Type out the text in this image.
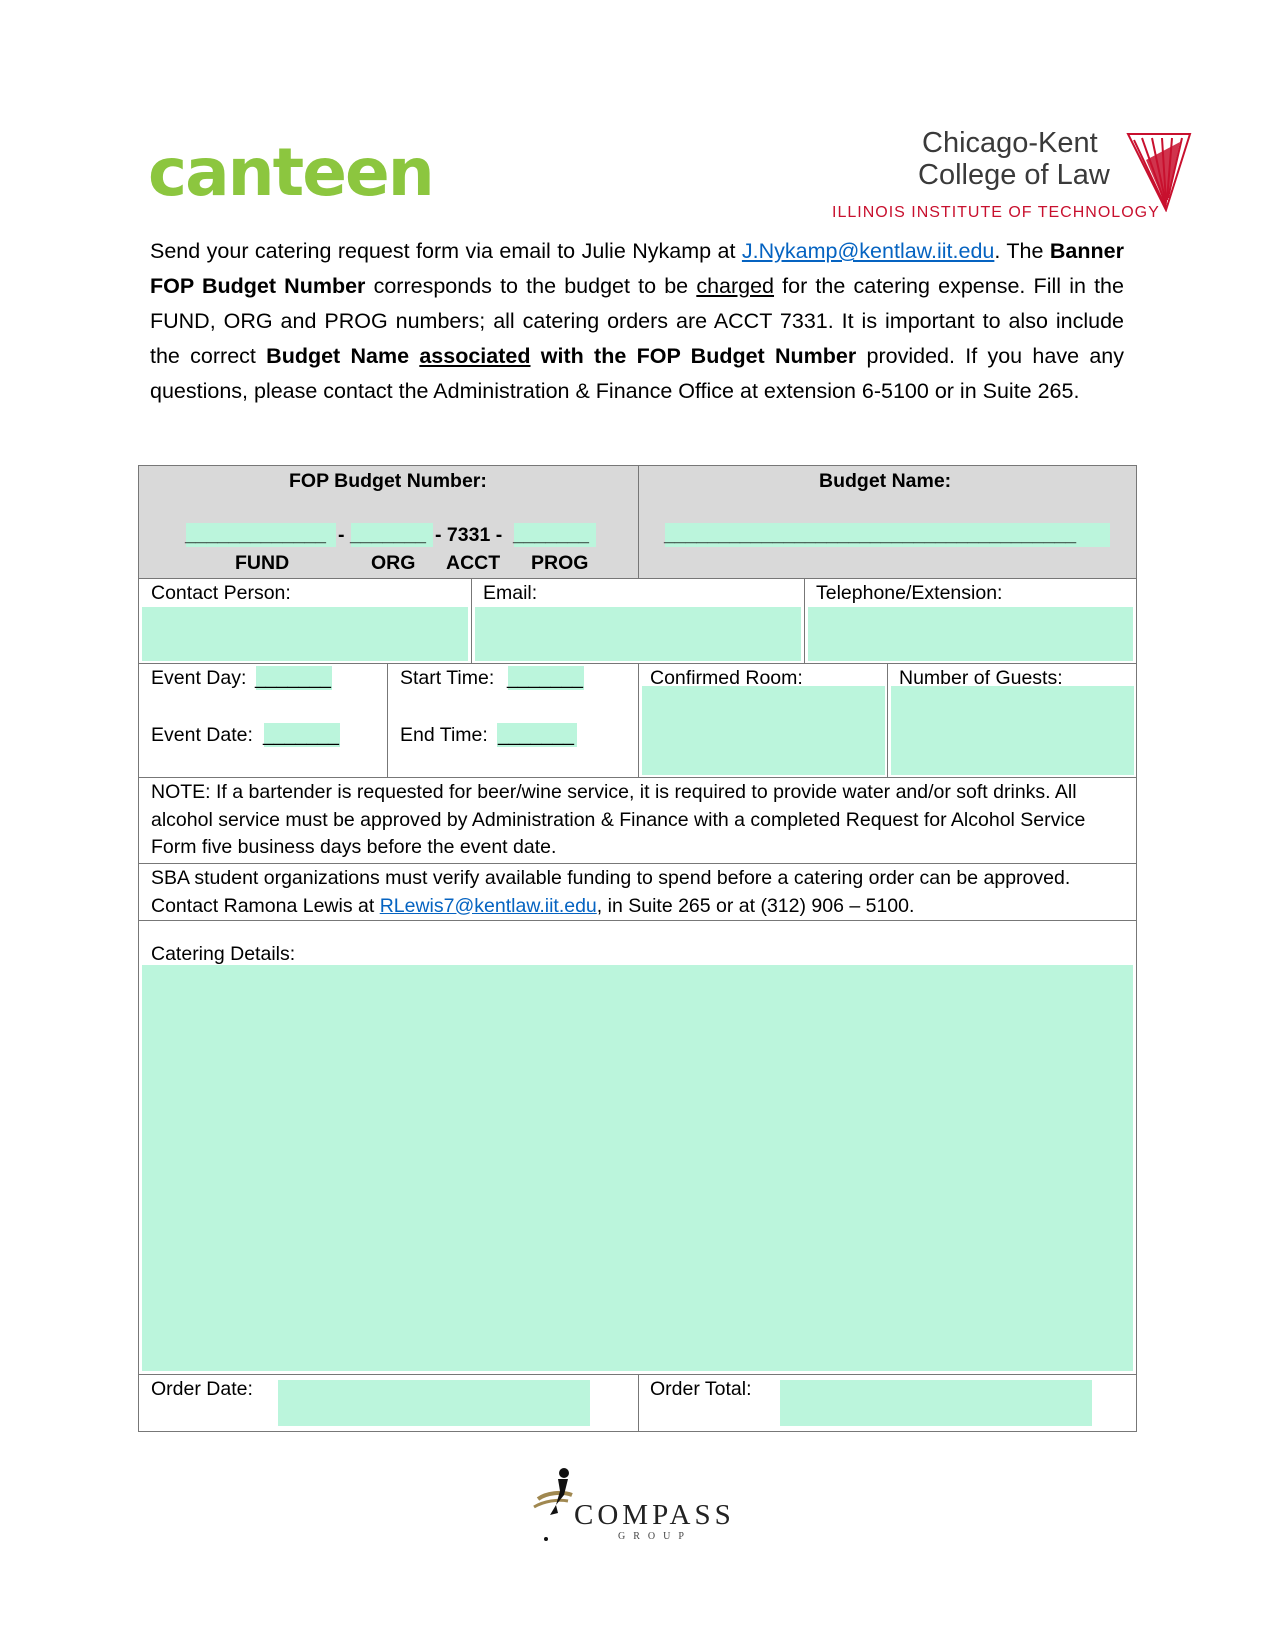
canteen	Chicago-Kent
College of Law
ILLINOIS INSTITUTE OF TECHNOLOGY
Send your catering request form via email to Julie Nykamp at J.Nykamp@kentlaw.iit.edu. The Banner FOP Budget Number corresponds to the budget to be charged for the catering expense. Fill in the FUND, ORG and PROG numbers; all catering orders are ACCT 7331. It is important to also include the correct Budget Name associated with the FOP Budget Number provided. If you have any questions, please contact the Administration & Finance Office at extension 6-5100 or in Suite 265.
FOP Budget Number:
_____________ - _______ - 7331 - _______
FUND	ORG ACCT PROG
Budget Name:
______________________________________
Contact Person:	Email:	Telephone/Extension:
Event Day: _______
Event Date: _______
Start Time: _______
End Time: _______
Confirmed Room:	Number of Guests:
NOTE: If a bartender is requested for beer/wine service, it is required to provide water and/or soft drinks. All alcohol service must be approved by Administration & Finance with a completed Request for Alcohol Service Form five business days before the event date.
SBA student organizations must verify available funding to spend before a catering order can be approved. Contact Ramona Lewis at RLewis7@kentlaw.iit.edu, in Suite 265 or at (312) 906 – 5100.
Catering Details:
Order Date:	Order Total:
COMPASS
GROUP
